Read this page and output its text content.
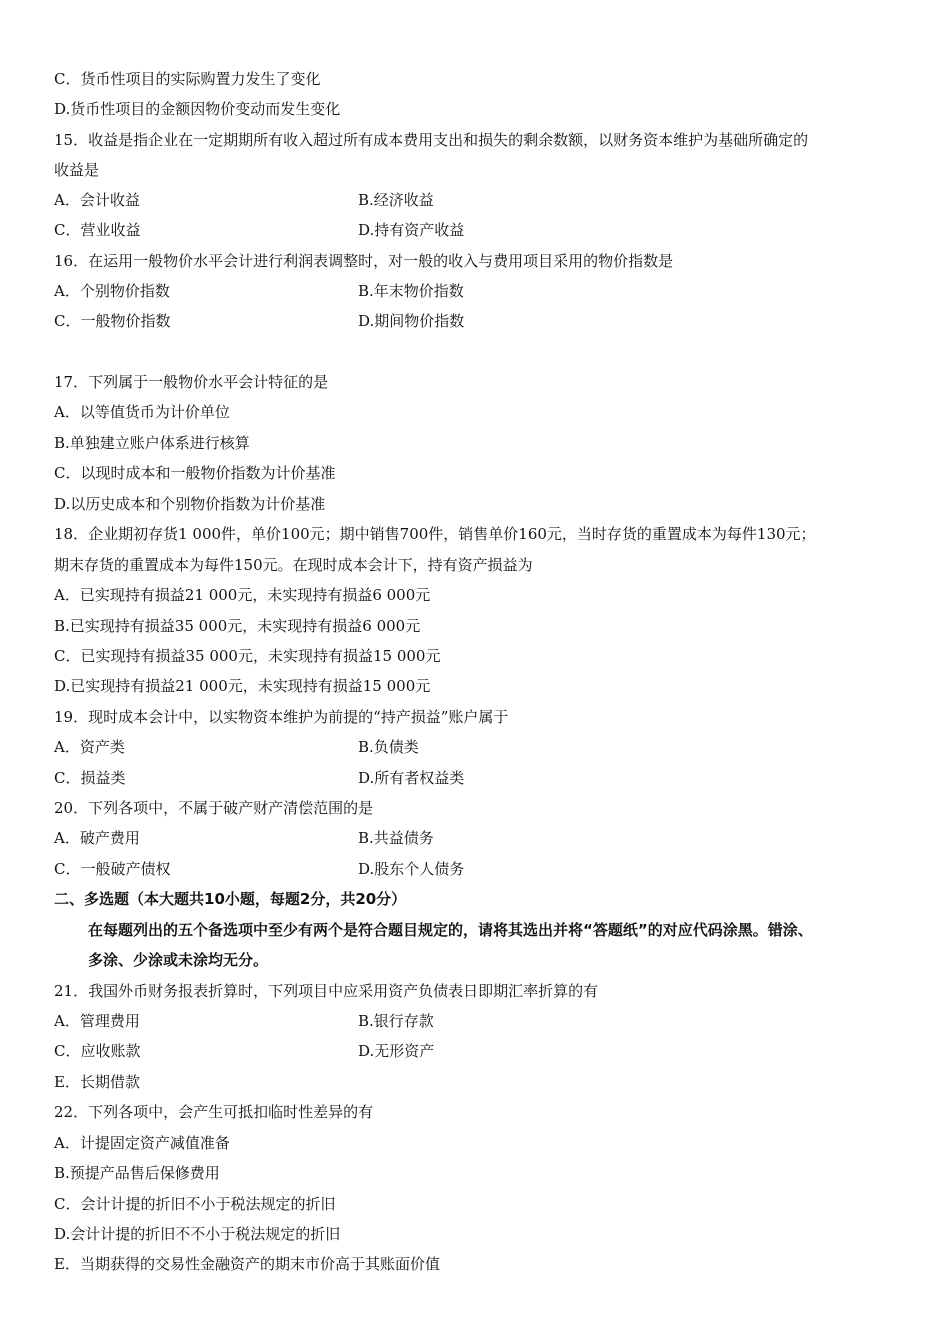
C．货币性项目的实际购置力发生了变化
D.货币性项目的金额因物价变动而发生变化
15．收益是指企业在一定期期所有收入超过所有成本费用支出和损失的剩余数额，以财务资本维护为基础所确定的
收益是
A．会计收益	B.经济收益
C．营业收益	D.持有资产收益
16．在运用一般物价水平会计进行利润表调整时，对一般的收入与费用项目采用的物价指数是
A．个别物价指数	B.年末物价指数
C．一般物价指数	D.期间物价指数
17．下列属于一般物价水平会计特征的是
A．以等值货币为计价单位
B.单独建立账户体系进行核算
C．以现时成本和一般物价指数为计价基准
D.以历史成本和个别物价指数为计价基准
18．企业期初存货1 000件，单价100元；期中销售700件，销售单价160元，当时存货的重置成本为每件130元；
期末存货的重置成本为每件150元。在现时成本会计下，持有资产损益为
A．已实现持有损益21 000元，未实现持有损益6 000元
B.已实现持有损益35 000元，未实现持有损益6 000元
C．已实现持有损益35 000元，未实现持有损益15 000元
D.已实现持有损益21 000元，未实现持有损益15 000元
19．现时成本会计中，以实物资本维护为前提的“持产损益”账户属于
A．资产类	B.负债类
C．损益类	D.所有者权益类
20．下列各项中，不属于破产财产清偿范围的是
A．破产费用	B.共益债务
C．一般破产债权	D.股东个人债务
二、多选题（本大题共10小题，每题2分，共20分）
在每题列出的五个备选项中至少有两个是符合题目规定的，请将其选出并将“答题纸”的对应代码涂黑。错涂、
多涂、少涂或未涂均无分。
21．我国外币财务报表折算时，下列项目中应采用资产负债表日即期汇率折算的有
A．管理费用	B.银行存款
C．应收账款	D.无形资产
E．长期借款
22．下列各项中，会产生可抵扣临时性差异的有
A．计提固定资产减值准备
B.预提产品售后保修费用
C．会计计提的折旧不小于税法规定的折旧
D.会计计提的折旧不不小于税法规定的折旧
E．当期获得的交易性金融资产的期末市价高于其账面价值
